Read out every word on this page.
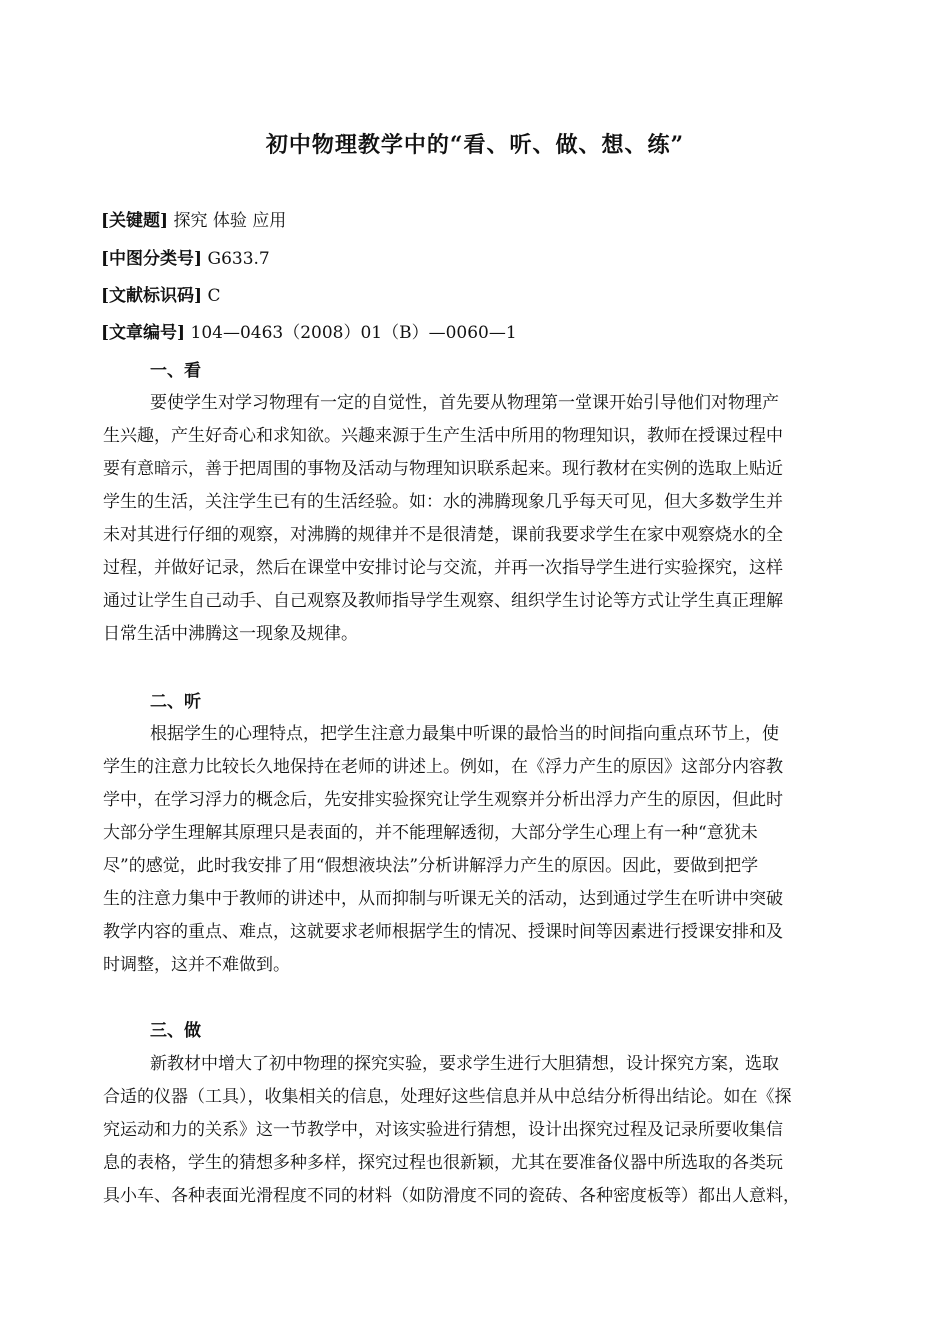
初中物理教学中的“看、听、做、想、练”
[关键题] 探究 体验 应用
[中图分类号] G633.7
[文献标识码] C
[文章编号] 104—0463（2008）01（B）—0060—1
一、看
要使学生对学习物理有一定的自觉性，首先要从物理第一堂课开始引导他们对物理产
生兴趣，产生好奇心和求知欲。兴趣来源于生产生活中所用的物理知识，教师在授课过程中
要有意暗示，善于把周围的事物及活动与物理知识联系起来。现行教材在实例的选取上贴近
学生的生活，关注学生已有的生活经验。如：水的沸腾现象几乎每天可见，但大多数学生并
未对其进行仔细的观察，对沸腾的规律并不是很清楚，课前我要求学生在家中观察烧水的全
过程，并做好记录，然后在课堂中安排讨论与交流，并再一次指导学生进行实验探究，这样
通过让学生自己动手、自己观察及教师指导学生观察、组织学生讨论等方式让学生真正理解
日常生活中沸腾这一现象及规律。
二、听
根据学生的心理特点，把学生注意力最集中听课的最恰当的时间指向重点环节上，使
学生的注意力比较长久地保持在老师的讲述上。例如，在《浮力产生的原因》这部分内容教
学中，在学习浮力的概念后，先安排实验探究让学生观察并分析出浮力产生的原因，但此时
大部分学生理解其原理只是表面的，并不能理解透彻，大部分学生心理上有一种“意犹未
尽”的感觉，此时我安排了用“假想液块法”分析讲解浮力产生的原因。因此，要做到把学
生的注意力集中于教师的讲述中，从而抑制与听课无关的活动，达到通过学生在听讲中突破
教学内容的重点、难点，这就要求老师根据学生的情况、授课时间等因素进行授课安排和及
时调整，这并不难做到。
三、做
新教材中增大了初中物理的探究实验，要求学生进行大胆猜想，设计探究方案，选取
合适的仪器（工具），收集相关的信息，处理好这些信息并从中总结分析得出结论。如在《探
究运动和力的关系》这一节教学中，对该实验进行猜想，设计出探究过程及记录所要收集信
息的表格，学生的猜想多种多样，探究过程也很新颖，尤其在要准备仪器中所选取的各类玩
具小车、各种表面光滑程度不同的材料（如防滑度不同的瓷砖、各种密度板等）都出人意料，
